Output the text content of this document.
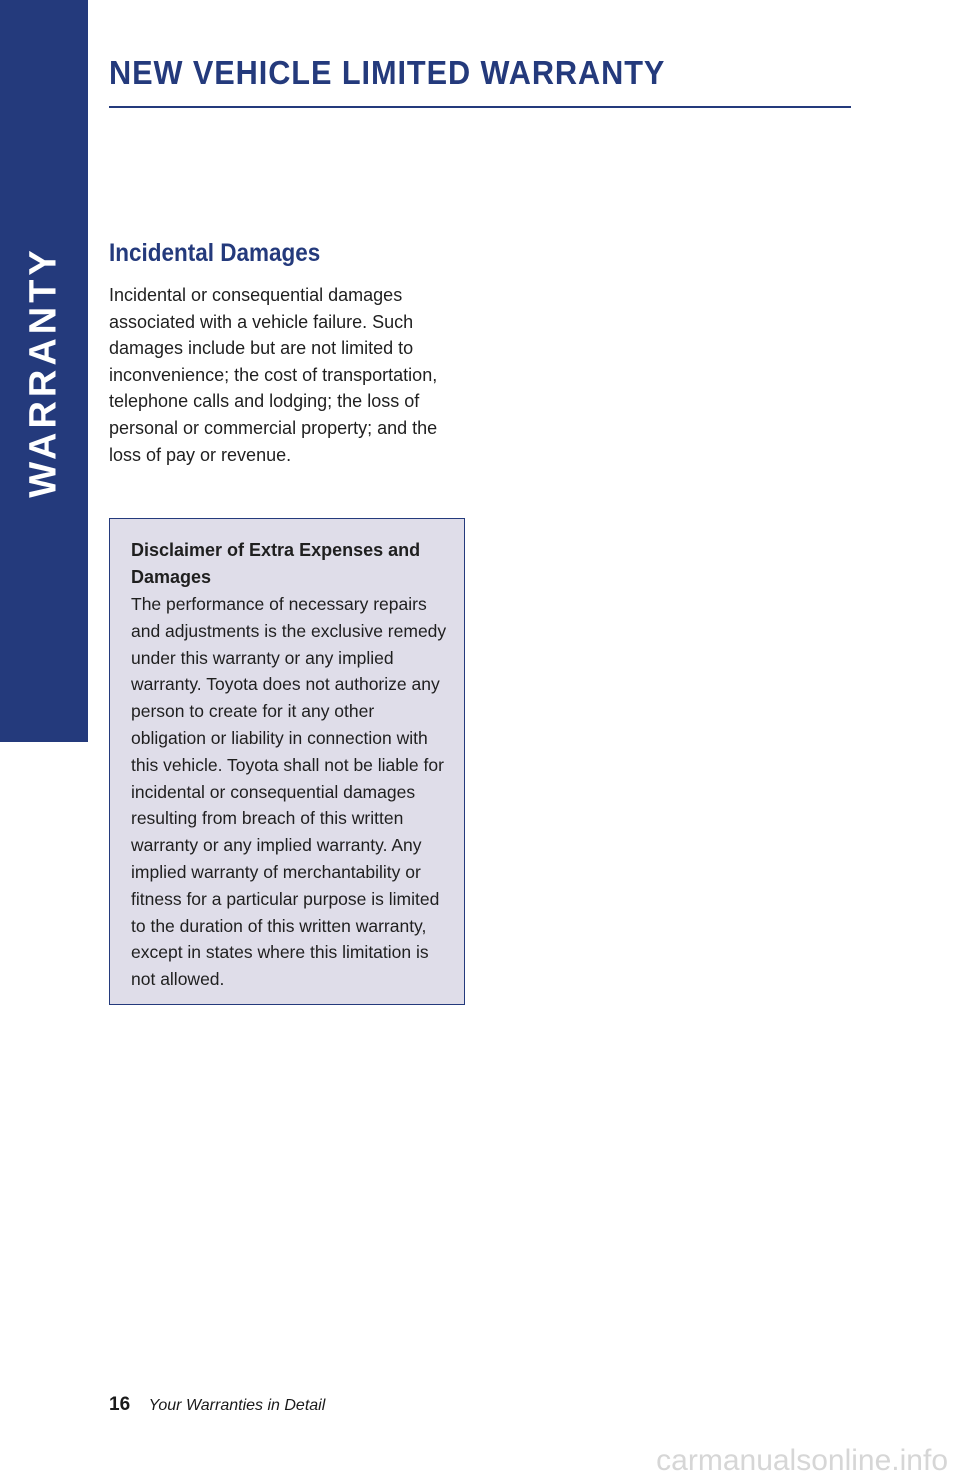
WARRANTY
NEW VEHICLE LIMITED WARRANTY
Incidental Damages

Incidental or consequential damages associated with a vehicle failure. Such damages include but are not limited to inconvenience; the cost of transportation, telephone calls and lodging; the loss of personal or commercial property; and the loss of pay or revenue.

Disclaimer of Extra Expenses and Damages

The performance of necessary repairs and adjustments is the exclusive remedy under this warranty or any implied warranty. Toyota does not authorize any person to create for it any other obligation or liability in connection with this vehicle. Toyota shall not be liable for incidental or consequential damages resulting from breach of this written warranty or any implied warranty. Any implied warranty of merchantability or fitness for a particular purpose is limited to the duration of this written warranty, except in states where this limitation is not allowed.

16 Your Warranties in Detail
carmanualsonline.info
